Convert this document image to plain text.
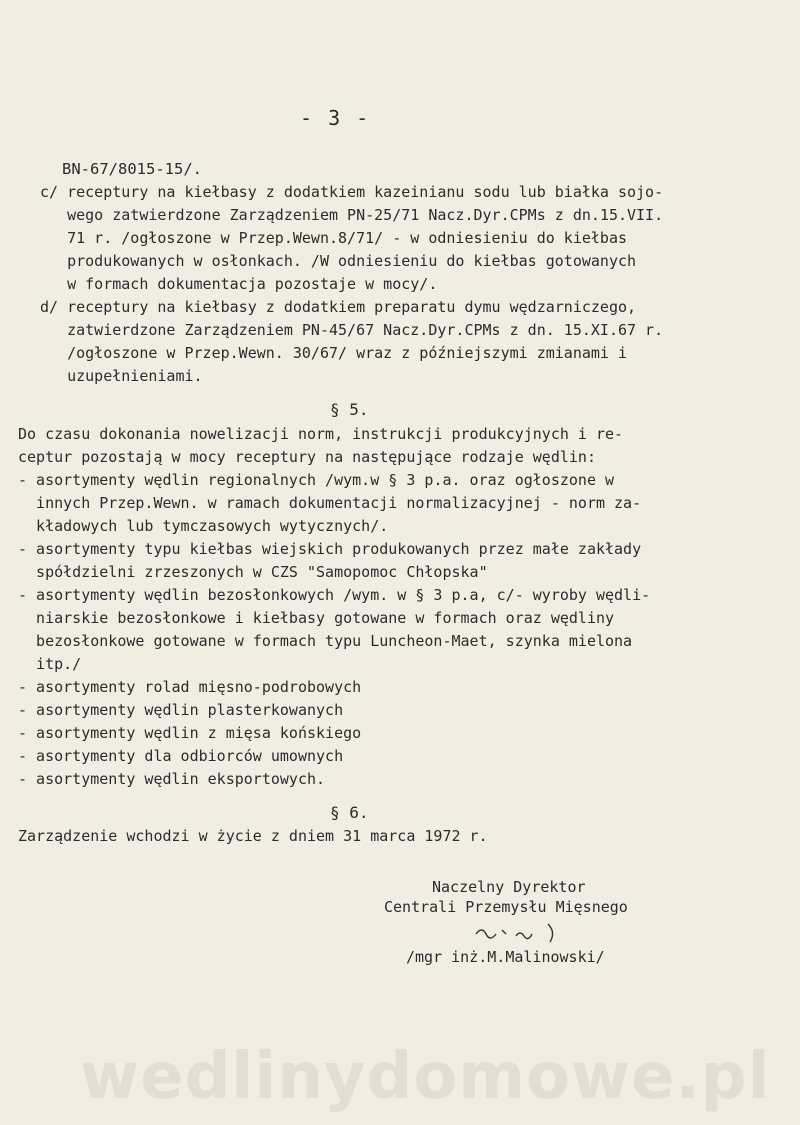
- 3 -
BN-67/8015-15/.
c/ receptury na kiełbasy z dodatkiem kazeinianu sodu lub białka sojo-
wego zatwierdzone Zarządzeniem PN-25/71 Nacz.Dyr.CPMs z dn.15.VII.
71 r. /ogłoszone w Przep.Wewn.8/71/ - w odniesieniu do kiełbas
produkowanych w osłonkach. /W odniesieniu do kiełbas gotowanych
w formach dokumentacja pozostaje w mocy/.
d/ receptury na kiełbasy z dodatkiem preparatu dymu wędzarniczego,
zatwierdzone Zarządzeniem PN-45/67 Nacz.Dyr.CPMs z dn. 15.XI.67 r.
/ogłoszone w Przep.Wewn. 30/67/ wraz z późniejszymi zmianami i
uzupełnieniami.
§ 5.
Do czasu dokonania nowelizacji norm, instrukcji produkcyjnych i re-
ceptur pozostają w mocy receptury na następujące rodzaje wędlin:
- asortymenty wędlin regionalnych /wym.w § 3 p.a. oraz ogłoszone w
innych Przep.Wewn. w ramach dokumentacji normalizacyjnej - norm za-
kładowych lub tymczasowych wytycznych/.
- asortymenty typu kiełbas wiejskich produkowanych przez małe zakłady
spółdzielni zrzeszonych w CZS "Samopomoc Chłopska"
- asortymenty wędlin bezosłonkowych /wym. w § 3 p.a, c/- wyroby wędli-
niarskie bezosłonkowe i kiełbasy gotowane w formach oraz wędliny
bezosłonkowe gotowane w formach typu Luncheon-Maet, szynka mielona
itp./
- asortymenty rolad mięsno-podrobowych
- asortymenty wędlin plasterkowanych
- asortymenty wędlin z mięsa końskiego
- asortymenty dla odbiorców umownych
- asortymenty wędlin eksportowych.
§ 6.
Zarządzenie wchodzi w życie z dniem 31 marca 1972 r.
Naczelny Dyrektor
Centrali Przemysłu Mięsnego
/mgr inż.M.Malinowski/
wedlinydomowe.pl
